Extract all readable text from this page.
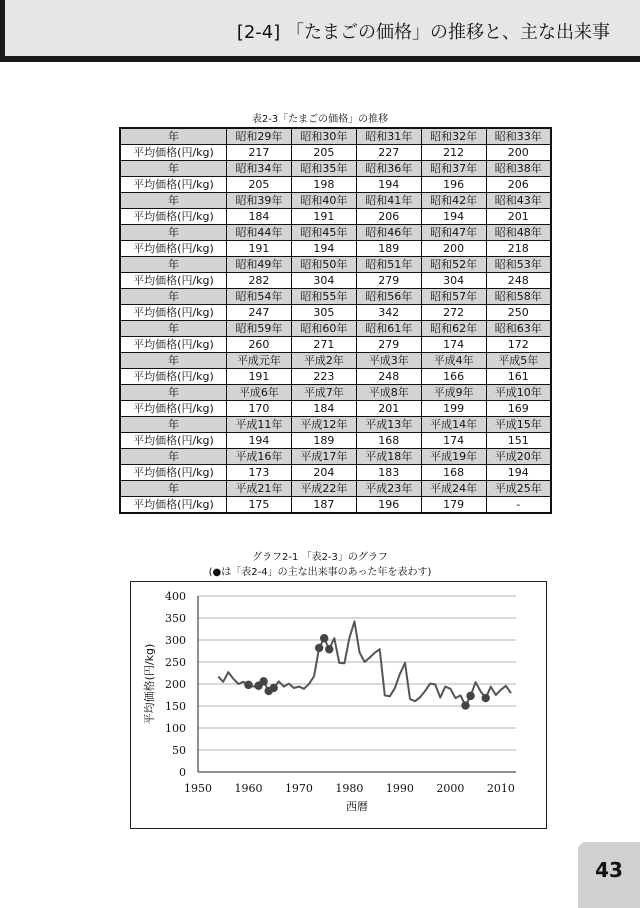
[2-4] 「たまごの価格」の推移と、主な出来事
表2-3「たまごの価格」の推移
年	昭和29年	昭和30年	昭和31年	昭和32年	昭和33年
平均価格(円/kg)	217	205	227	212	200
年	昭和34年	昭和35年	昭和36年	昭和37年	昭和38年
平均価格(円/kg)	205	198	194	196	206
年	昭和39年	昭和40年	昭和41年	昭和42年	昭和43年
平均価格(円/kg)	184	191	206	194	201
年	昭和44年	昭和45年	昭和46年	昭和47年	昭和48年
平均価格(円/kg)	191	194	189	200	218
年	昭和49年	昭和50年	昭和51年	昭和52年	昭和53年
平均価格(円/kg)	282	304	279	304	248
年	昭和54年	昭和55年	昭和56年	昭和57年	昭和58年
平均価格(円/kg)	247	305	342	272	250
年	昭和59年	昭和60年	昭和61年	昭和62年	昭和63年
平均価格(円/kg)	260	271	279	174	172
年	平成元年	平成2年	平成3年	平成4年	平成5年
平均価格(円/kg)	191	223	248	166	161
年	平成6年	平成7年	平成8年	平成9年	平成10年
平均価格(円/kg)	170	184	201	199	169
年	平成11年	平成12年	平成13年	平成14年	平成15年
平均価格(円/kg)	194	189	168	174	151
年	平成16年	平成17年	平成18年	平成19年	平成20年
平均価格(円/kg)	173	204	183	168	194
年	平成21年	平成22年	平成23年	平成24年	平成25年
平均価格(円/kg)	175	187	196	179	-
グラフ2-1 「表2-3」のグラフ
(●は「表2-4」の主な出来事のあった年を表わす)
0
50
100
150
200
250
300
350
400
1950 1960 1970 1980 1990 2000 2010
西暦
平均価格(円/kg)
43
